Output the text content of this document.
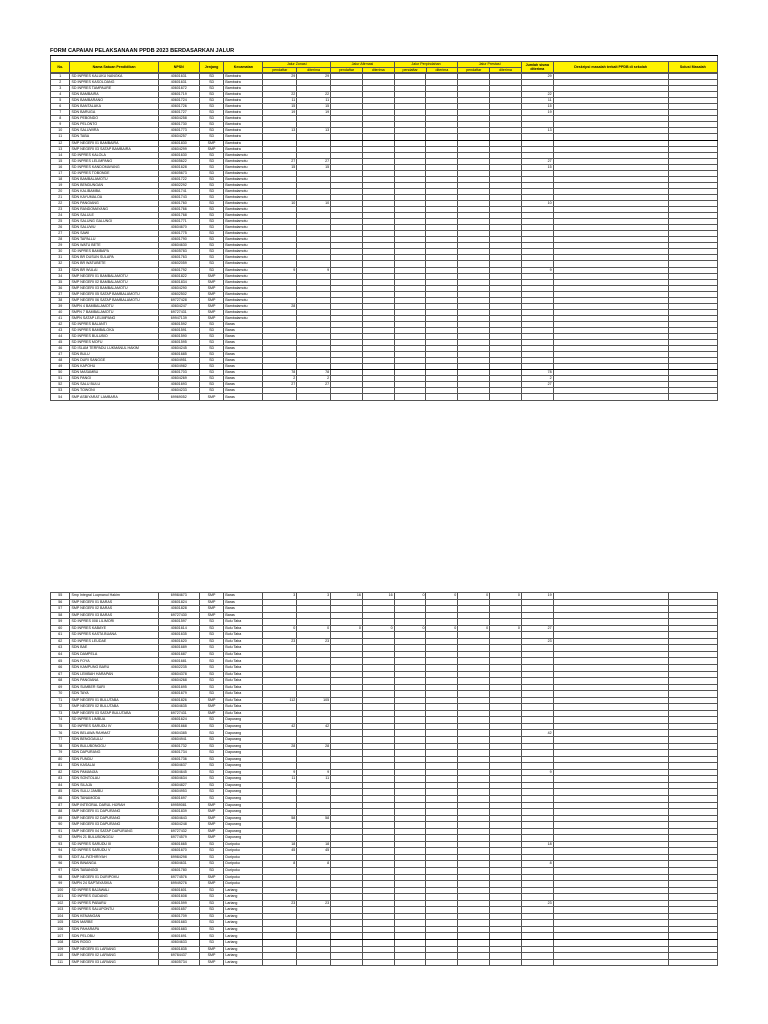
FORM CAPAIAN PELAKSANAAN PPDB 2023 BERDASARKAN JALUR
No.	Nama Satuan Pendidikan	NPSN	Jenjang	Kecamatan	Jalur Zonasi		Jalur Afirmasi		Jalur Perpindahan		Jalur Prestasi		Jumlah siswa diterima	Deskripsi masalah terkait PPDB di sekolah	Solusi Masalah
					pendaftar	diterima	pendaftar	diterima	pendaftar	diterima	pendaftar	diterima			
1	SD INPRES KALUKU NANGKA	40601631	SD	Bambaira	29	29							29		
2	SD INPRES KASOLOANG	40601631	SD	Bambaira											
3	SD INPRES TAMPAURE	40601672	SD	Bambaira											
4	SDN BAMBAIRA	40601719	SD	Bambaira	22	22							22		
5	SDN BAMBARANO	40601724	SD	Bambaira	11	11							11		
6	SDN BANTALAKA	40601726	SD	Bambaira	15	15							15		
7	SDN BARUGA	40601727	SD	Bambaira	19	19							19		
8	SDN PEBONDO	40604258	SD	Bambaira											
9	SDN PELONTO	40601730	SD	Bambaira											
10	SDN SALUWIRA	40601773	SD	Bambaira	13	13							13		
11	SDN TABA	40604257	SD	Bambaira											
12	SMP NEGERI 01 BAMBAIRA	40601830	SMP	Bambaira											
13	SMP NEGERI 03 SATAP BAMBAIRA	40604299	SMP	Bambaira											
14	SD INPRES KALOLA	40601630	SD	Bambalamotu											
15	SD INPRES LELIMPANG	40605622	SD	Bambalamotu	27	27							27		
16	SD INPRES KANDOMAYANG	40601628	SD	Bambalamotu	15	15							15		
17	SD INPRES TOBONDE	40605673	SD	Bambalamotu											
18	SDN BAMBALAMOTU	40601722	SD	Bambalamotu											
19	SDN BENDUNGAN	40602292	SD	Bambalamotu											
20	SDN KALIBAMBA	40601741	SD	Bambalamotu											
21	SDN KAYUMALOA	40601743	SD	Bambalamotu											
22	SDN PANGIANG	40601760	SD	Bambalamotu	10	10							10		
23	SDN RANDOMAYANG	40601766	SD	Bambalamotu											
24	SDN SALULE	40601768	SD	Bambalamotu											
25	SDN SALUNG GALUNGI	40601771	SD	Bambalamotu											
26	SDN SALUWU	40604670	SD	Bambalamotu											
27	SDN SAWI	40601775	SD	Bambalamotu											
28	SDN TAPALLU	40601790	SD	Bambalamotu											
29	SDN WATU BETE	40604630	SD	Bambalamotu											
30	SD INPRES BAMBAPA	40605783	SD	Bambalamotu											
31	SDN BR DUSUN SULAPA	40601763	SD	Bambalamotu											
32	SDN BR WATUBETE	40602059	SD	Bambalamotu											
33	SDN BR WULAI	40601792	SD	Bambalamotu	9	9							9		
34	SMP NEGERI 01 BAMBALAMOTU	40601822	SMP	Bambalamotu											
35	SMP NEGERI 02 BAMBALAMOTU	40601834	SMP	Bambalamotu											
36	SMP NEGERI 03 BAMBALAMOTU	40604290	SMP	Bambalamotu											
37	SMP NEGERI 05 SATAP BAMBALAMOTU	40602502	SMP	Bambalamotu											
38	SMP NEGERI 06 SATAP BAMBALAMOTU	69727428	SMP	Bambalamotu											
39	SMPN 4 BAMBALAMOTU	40604247	SMP	Bambalamotu	28										
40	SMPN 7 BAMBALAMOTU	69727431	SMP	Bambalamotu											
41	SMPN SATAP LELIMPANG	69947139	SMP	Bambalamotu											
42	SD INPRES BALANTI	40601592	SD	Baras											
43	SD INPRES BAMBALOKA	40601591	SD	Baras											
44	SD INPRES BULUBIO	40601590	SD	Baras											
45	SD INPRES MOFU	40601595	SD	Baras											
46	SD ISLAM TERPADU LUKMANUL HAKIM	40604245	SD	Baras											
47	SDN BULU	40601685	SD	Baras											
48	SDN DURI SANGGE	40604951	SD	Baras											
49	SDN KAPOHU	40604982	SD	Baras											
50	SDN MASAMBU	40601703	SD	Baras	78	78							78		
51	SDN PANGI	40604269	SD	Baras	2	2							2		
52	SDN SALU BULU	40601693	SD	Baras	27	27							27		
53	SDN TOWONI	40604233	SD	Baras											
54	SMP ASBIYARAT LAMBARA	69969052	SMP	Baras											
55	Smp Integral Luqmanul Hakim	69984673	SMP	Baras	3	3	16	16	0	0	0	0	19		
56	SMP NEGERI 01 BARAS	40601824	SMP	Baras											
57	SMP NEGERI 02 BARAS	40601828	SMP	Baras											
58	SMP NEGERI 03 BARAS	69727430	SMP	Baras											
59	SD INPRES 008 LILIMORI	40601597	SD	Bulu Taba											
60	SD INPRES KABAYE	40601614	SD	Bulu Taba	0	0	0	0	0	0	0	0	27		
61	SD INPRES KASTA BUANA	40601635	SD	Bulu Taba											
62	SD INPRES LEUDAE	40601620	SD	Bulu Taba	23	23							23		
63	SDN BAE	40601689	SD	Bulu Taba											
64	SDN DAMPELA	40601687	SD	Bulu Taba											
65	SDN FOYA	40601681	SD	Bulu Taba											
66	SDN KAMPUNG BARU	40602235	SD	Bulu Taba											
67	SDN LEMBAH HARAPAN	40604378	SD	Bulu Taba											
68	SDN PANGIANA	40604268	SD	Bulu Taba											
69	SDN SUMBER SARI	40601695	SD	Bulu Taba											
70	SDN TAYA	40601679	SD	Bulu Taba											
71	SMP NEGERI 01 BULUTABA	40601826	SMP	Bulu Taba	112	105									
72	SMP NEGERI 02 BULUTABA	40604635	SMP	Bulu Taba											
73	SMP NEGERI 03 SATAP BULUTABA	69727431	SMP	Bulu Taba											
74	SD INPRES LIMBUA	40601624	SD	Dapurang											
75	SD INPRES SARUDU IV	40601668	SD	Dapurang	42	42									
76	SDN BELAWA RAHMAT	40604385	SD	Dapurang									42		
77	SDN BENGGAULU	40604941	SD	Dapurang											
78	SDN BULUBONGGU	40601732	SD	Dapurang	28	28									
79	SDN DAPURANG	40601734	SD	Dapurang											
80	SDN FUNDU	40601736	SD	Dapurang											
81	SDN KASALAI	40604637	SD	Dapurang											
82	SDN PAMANJIA	40604645	SD	Dapurang	9	9							9		
83	SDN SONTOLAU	40604634	SD	Dapurang	11	11									
84	SDN SILAJA	40604827	SD	Dapurang											
85	SDN SULU JAMBU	40604953	SD	Dapurang											
86	SDN TANAMODA	40601697	SD	Dapurang											
87	SMP INTEGRAL DARUL HIJRAH	69959081	SMP	Dapurang											
88	SMP NEGERI 01 DAPURANG	40601839	SMP	Dapurang											
89	SMP NEGERI 02 DAPURANG	40604643	SMP	Dapurang	58	58									
90	SMP NEGERI 03 DAPURANG	40604248	SMP	Dapurang											
91	SMP NEGERI 04 SATAP DAPURANG	69727432	SMP	Dapurang											
92	SMPN 21 BULUBONGGU	69774579	SMP	Dapurang											
93	SD INPRES SARUDU III	40601665	SD	Duripoku	18	18							18		
94	SD INPRES SARUDU V	40601670	SD	Duripoku	45	45									
95	SDIT AL-FATHIRIYAH	69984298	SD	Duripoku											
96	SDN BINANGA	40604631	SD	Duripoku	8	8							8		
97	SDN TABANGGI	40601780	SD	Duripoku											
98	SMP NEGERI 01 DURIPOKU	69774576	SMP	Duripoku											
99	SMPN 24 SAPTAYASKIA	69949276	SMP	Duripoku											
100	SD INPRES BAJAWALI	40601601	SD	Lariang											
101	SD INPRES GUDANG	40601608	SD	Lariang											
102	SD INPRES PABARU	40601599	SD	Lariang	23	23							23		
103	SD INPRES SALUPONTU	40601657	SD	Lariang											
104	SDN KENANGAN	40601709	SD	Lariang											
105	SDN MARBE	40601683	SD	Lariang											
106	SDN PAHARAPA	40601683	SD	Lariang											
107	SDN PELOBU	40601691	SD	Lariang											
108	SDN RODO	40604633	SD	Lariang											
109	SMP NEGERI 01 LARIANG	40601835	SMP	Lariang											
110	SMP NEGERI 02 LARIANG	69784437	SMP	Lariang											
111	SMP NEGERI 03 LARIANG	40605734	SMP	Lariang											
